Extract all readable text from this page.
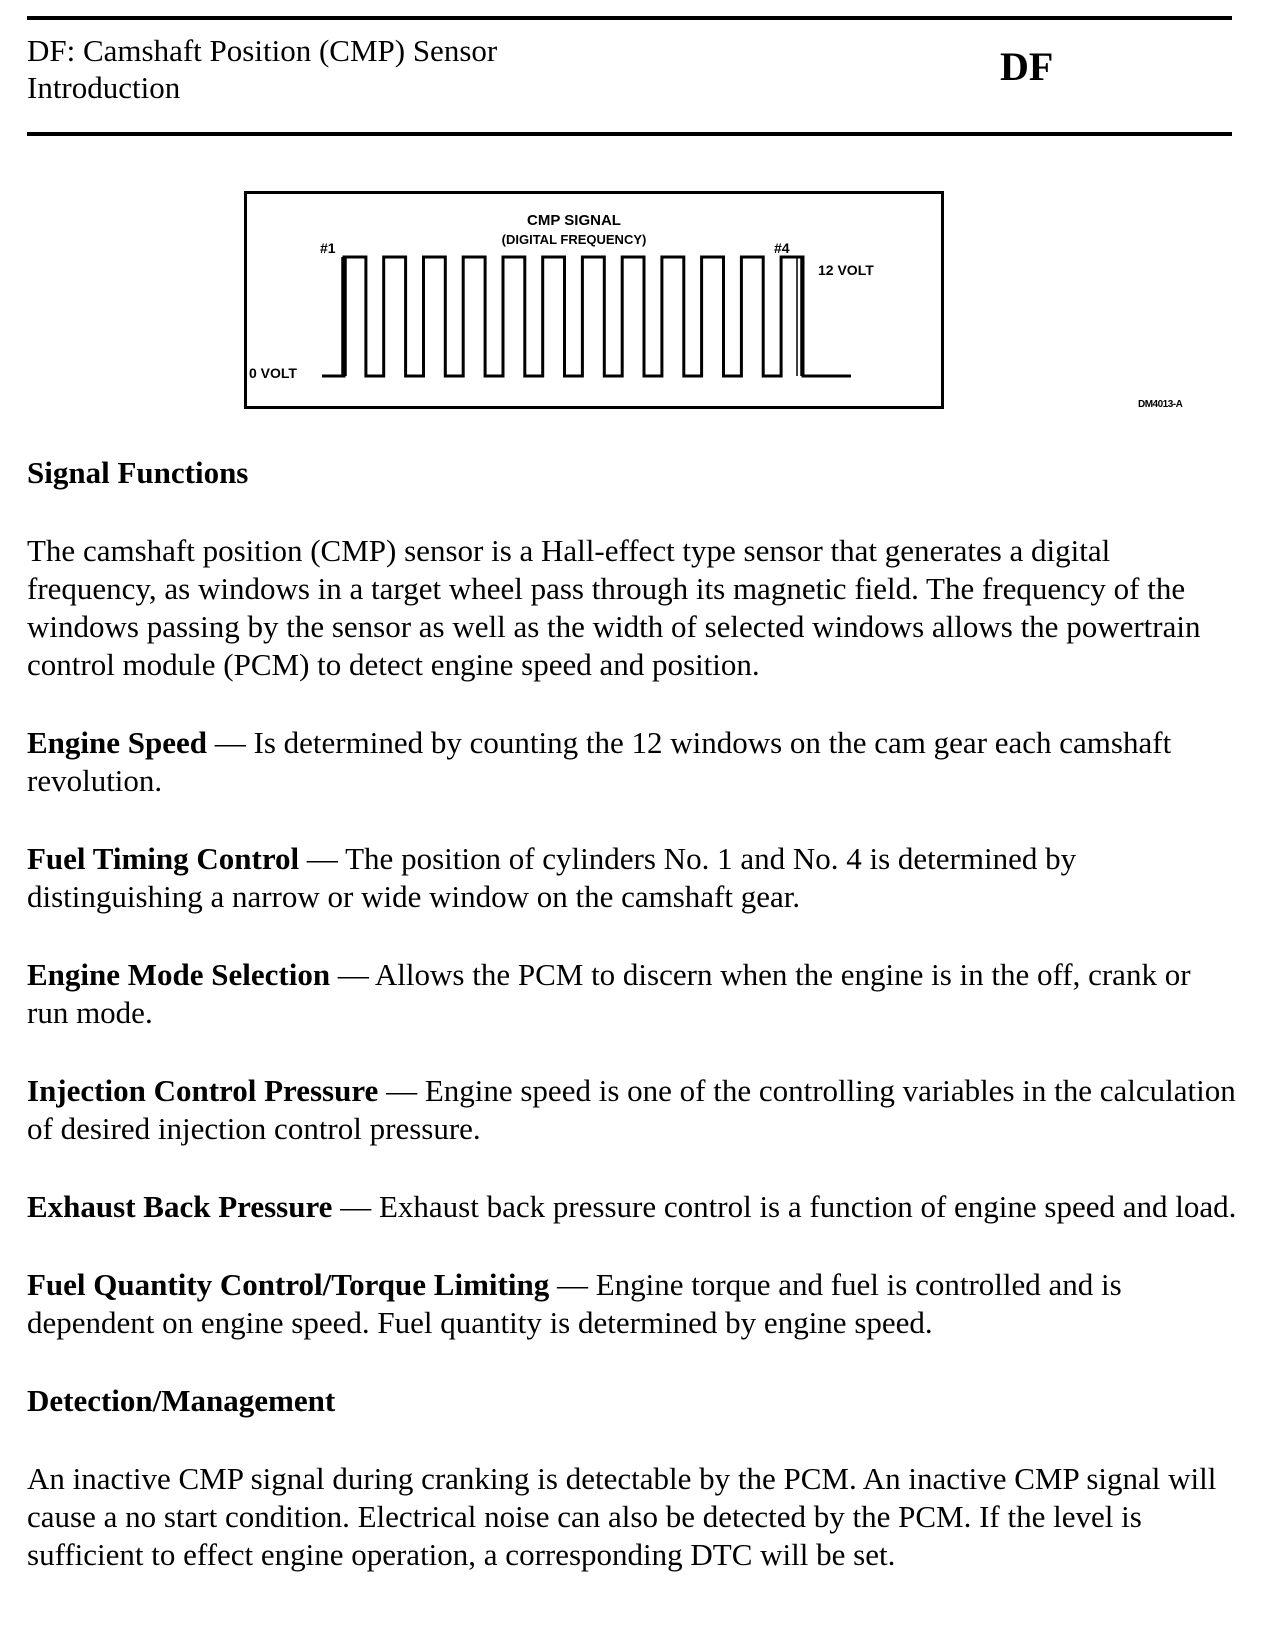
DF: Camshaft Position (CMP) Sensor
Introduction	DF
CMP SIGNAL
(DIGITAL FREQUENCY)
#1	#4
12 VOLT
0 VOLT
DM4013-A
Signal Functions
The camshaft position (CMP) sensor is a Hall-effect type sensor that generates a digital frequency, as windows in a target wheel pass through its magnetic field. The frequency of the windows passing by the sensor as well as the width of selected windows allows the powertrain control module (PCM) to detect engine speed and position.
Engine Speed — Is determined by counting the 12 windows on the cam gear each camshaft revolution.
Fuel Timing Control — The position of cylinders No. 1 and No. 4 is determined by distinguishing a narrow or wide window on the camshaft gear.
Engine Mode Selection — Allows the PCM to discern when the engine is in the off, crank or run mode.
Injection Control Pressure — Engine speed is one of the controlling variables in the calculation of desired injection control pressure.
Exhaust Back Pressure — Exhaust back pressure control is a function of engine speed and load.
Fuel Quantity Control/Torque Limiting — Engine torque and fuel is controlled and is dependent on engine speed. Fuel quantity is determined by engine speed.
Detection/Management
An inactive CMP signal during cranking is detectable by the PCM. An inactive CMP signal will cause a no start condition. Electrical noise can also be detected by the PCM. If the level is sufficient to effect engine operation, a corresponding DTC will be set.
